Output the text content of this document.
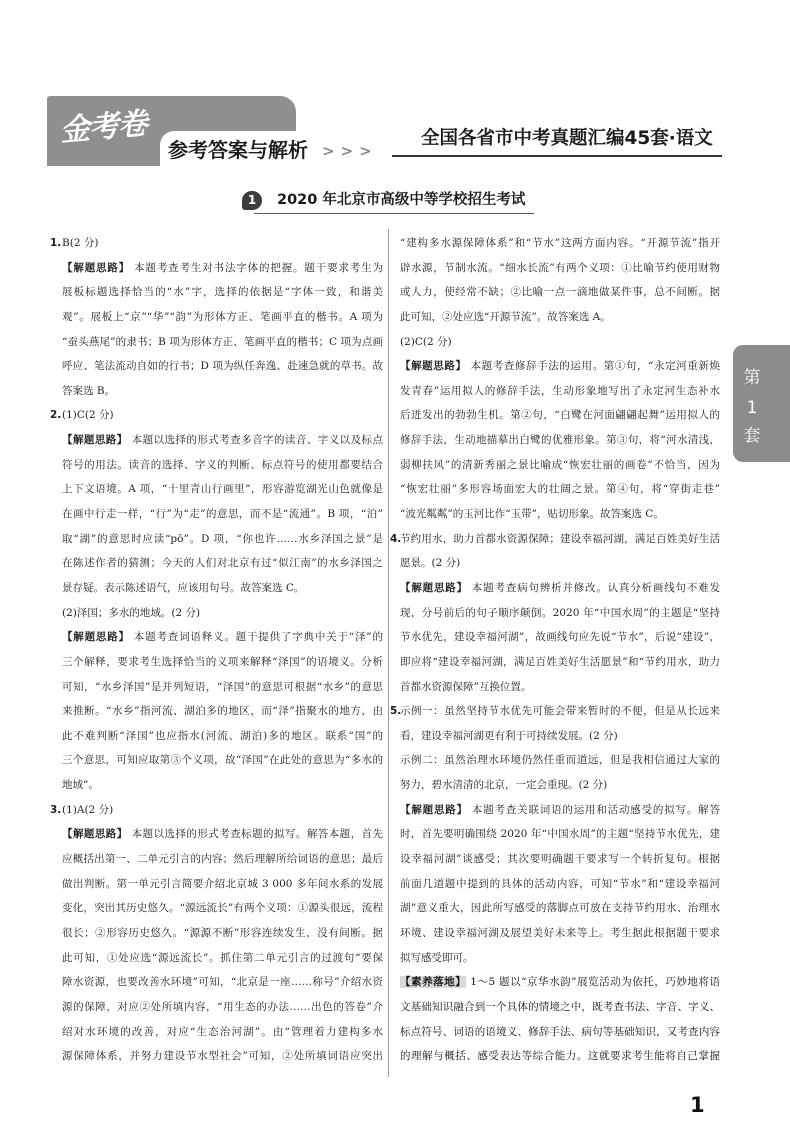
金考卷
参考答案与解析 >>>
全国各省市中考真题汇编45套·语文
1	2020 年北京市高级中等学校招生考试
第
1
套
1. B(2 分)
【解题思路】 本题考查考生对书法字体的把握。题干要求考生为
展板标题选择恰当的“水”字，选择的依据是“字体一致，和谐美
观”。展板上“京”“华”“韵”为形体方正、笔画平直的楷书。A 项为
“蚕头燕尾”的隶书；B 项为形体方正、笔画平直的楷书；C 项为点画
呼应、笔法流动自如的行书；D 项为纵任奔逸、赴速急就的草书。故
答案选 B。
2. (1)C(2 分)
【解题思路】 本题以选择的形式考查多音字的读音、字义以及标点
符号的用法。读音的选择、字义的判断、标点符号的使用都要结合
上下文语境。A 项，“十里青山行画里”，形容游览湖光山色就像是
在画中行走一样，“行”为“走”的意思，而不是“流通”。B 项，“泊”
取“湖”的意思时应读“pō”。D 项，“你也许……水乡泽国之景”是
在陈述作者的猜测；今天的人们对北京有过“似江南”的水乡泽国之
景存疑。表示陈述语气，应该用句号。故答案选 C。
(2)泽国；多水的地域。(2 分)
【解题思路】 本题考查词语释义。题干提供了字典中关于“泽”的
三个解释，要求考生选择恰当的义项来解释“泽国”的语境义。分析
可知，“水乡泽国”是并列短语，“泽国”的意思可根据“水乡”的意思
来推断。“水乡”指河流、湖泊多的地区，而“泽”指聚水的地方，由
此不难判断“泽国”也应指水(河流、湖泊)多的地区。联系“国”的
三个意思，可知应取第③个义项，故“泽国”在此处的意思为“多水的
地域”。
3. (1)A(2 分)
【解题思路】 本题以选择的形式考查标题的拟写。解答本题，首先
应概括出第一、二单元引言的内容；然后理解所给词语的意思；最后
做出判断。第一单元引言简要介绍北京城 3 000 多年间水系的发展
变化，突出其历史悠久。“源远流长”有两个义项：①源头很远，流程
很长；②形容历史悠久。“源源不断”形容连续发生，没有间断。据
此可知，①处应选“源远流长”。抓住第二单元引言的过渡句“要保
障水资源，也要改善水环境”可知，“北京是一座……称号”介绍水资
源的保障，对应②处所填内容，“用生态的办法……出色的答卷”介
绍对水环境的改善，对应“生态治河湖”。由“管理着力建构多水
源保障体系，并努力建设节水型社会”可知，②处所填词语应突出
“建构多水源保障体系”和“节水”这两方面内容。“开源节流”指开
辟水源，节制水流。“细水长流”有两个义项：①比喻节约使用财物
或人力，使经常不缺；②比喻一点一滴地做某件事，总不间断。据
此可知，②处应选“开源节流”。故答案选 A。
(2)C(2 分)
【解题思路】 本题考查修辞手法的运用。第①句，“永定河重新焕
发青春”运用拟人的修辞手法，生动形象地写出了永定河生态补水
后迸发出的勃勃生机。第②句，“白鹭在河面翩翩起舞”运用拟人的
修辞手法，生动地描摹出白鹭的优雅形象。第③句，将“河水清浅，
弱柳扶风”的清新秀丽之景比喻成“恢宏壮丽的画卷”不恰当，因为
“恢宏壮丽”多形容场面宏大的壮阔之景。第④句，将“穿街走巷”
“波光粼粼”的玉河比作“玉带”，贴切形象。故答案选 C。
4.
节约用水，助力首都水资源保障；建设幸福河湖，满足百姓美好生活
愿景。(2 分)
【解题思路】 本题考查病句辨析并修改。认真分析画线句不难发
现，分号前后的句子顺序颠倒。2020 年“中国水周”的主题是“坚持
节水优先，建设幸福河湖”，故画线句应先说“节水”，后说“建设”，
即应将“建设幸福河湖，满足百姓美好生活愿景”和“节约用水，助力
首都水资源保障”互换位置。
5.
示例一：虽然坚持节水优先可能会带来暂时的不便，但是从长远来
看，建设幸福河湖更有利于可持续发展。(2 分)
示例二：虽然治理水环境仍然任重而道远，但是我相信通过大家的
努力，碧水清清的北京，一定会重现。(2 分)
【解题思路】 本题考查关联词语的运用和活动感受的拟写。解答
时，首先要明确围绕 2020 年“中国水周”的主题“坚持节水优先，建
设幸福河湖”谈感受；其次要明确题干要求写一个转折复句。根据
前面几道题中提到的具体的活动内容，可知“节水”和“建设幸福河
湖”意义重大，因此所写感受的落脚点可放在支持节约用水、治理水
环境、建设幸福河湖及展望美好未来等上。考生据此根据题干要求
拟写感受即可。
【素养落地】 1～5 题以“京华水韵”展览活动为依托，巧妙地将语
文基础知识融合到一个具体的情境之中，既考查书法、字音、字义、
标点符号、词语的语境义、修辞手法、病句等基础知识，又考查内容
的理解与概括、感受表达等综合能力。这就要求考生能将自己掌握
1
